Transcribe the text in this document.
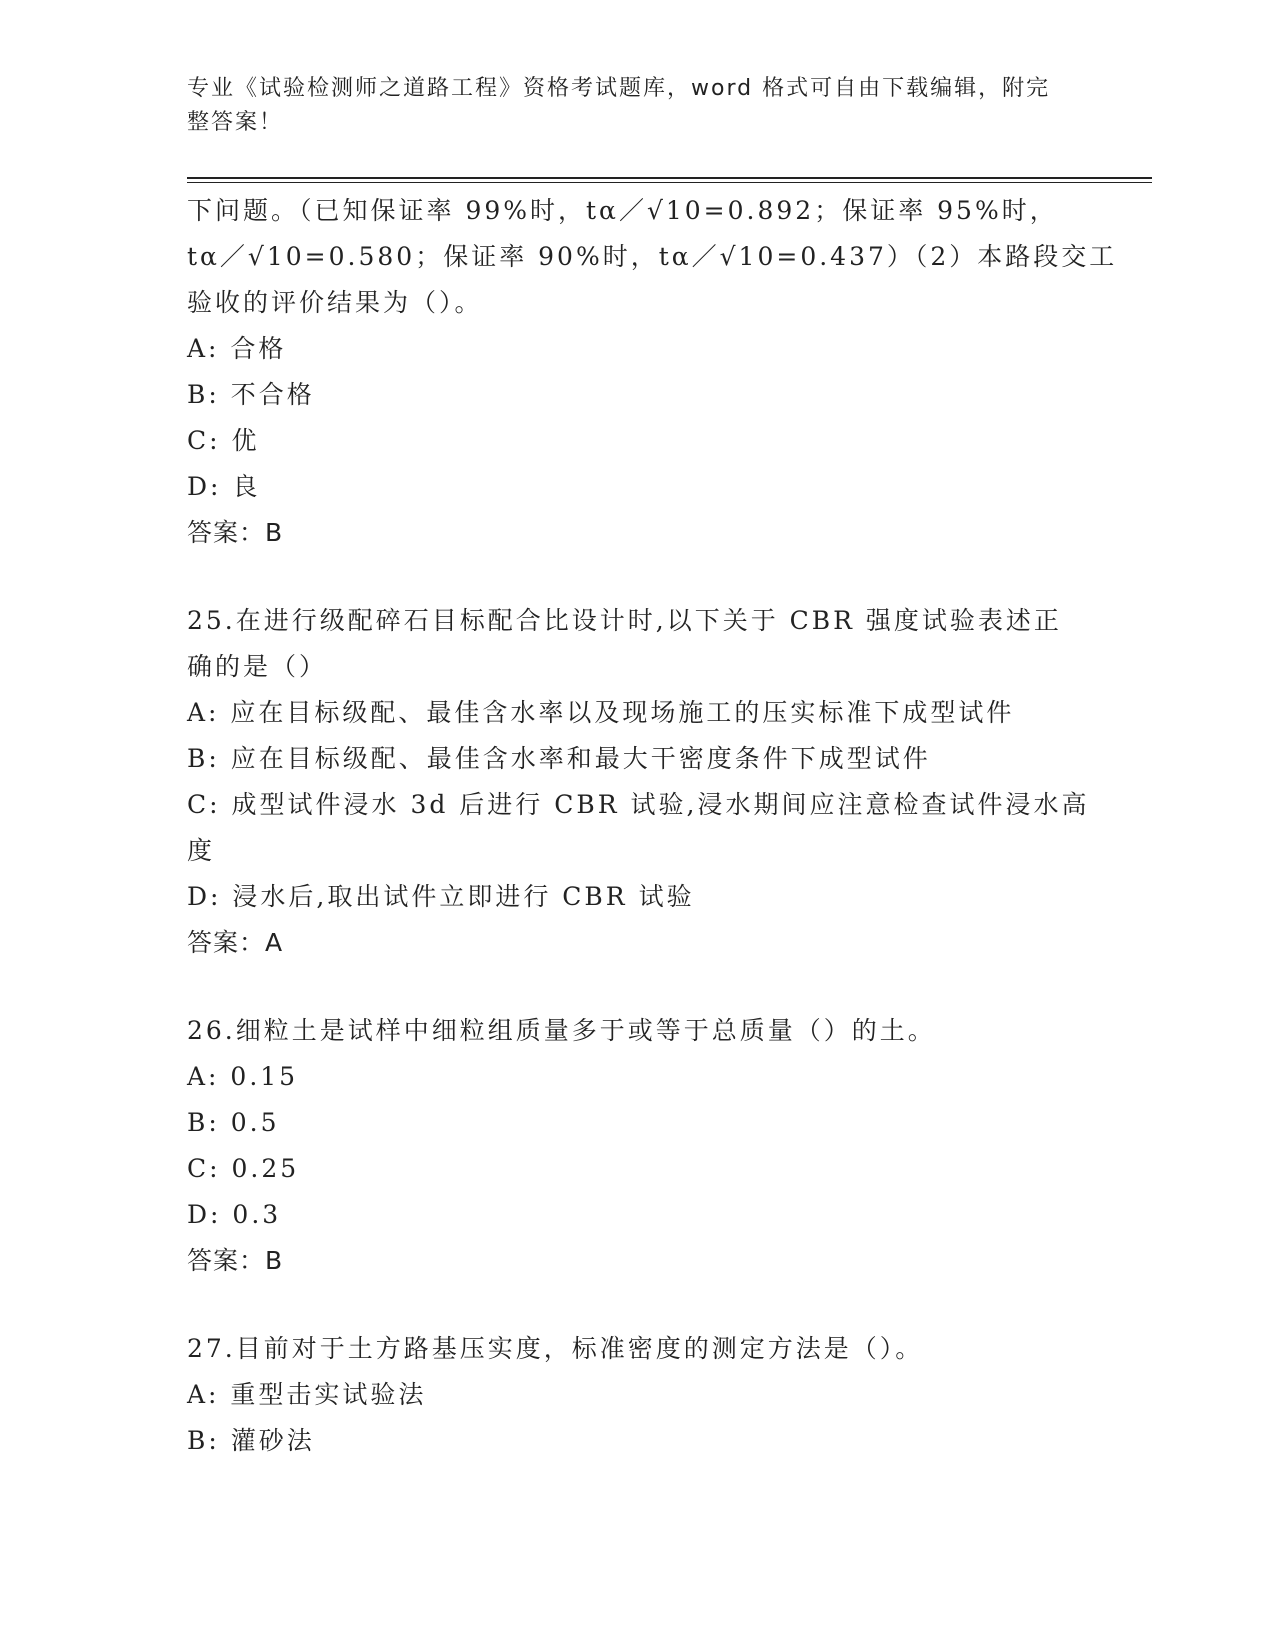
专业《试验检测师之道路工程》资格考试题库，word 格式可自由下载编辑，附完
整答案！
下问题。（已知保证率 99%时，tα／√10=0.892；保证率 95%时，
tα／√10=0.580；保证率 90%时，tα／√10=0.437）（2）本路段交工
验收的评价结果为（）。
A: 合格
B: 不合格
C: 优
D: 良
答案：B
25.在进行级配碎石目标配合比设计时,以下关于 CBR 强度试验表述正
确的是（）
A: 应在目标级配、最佳含水率以及现场施工的压实标准下成型试件
B: 应在目标级配、最佳含水率和最大干密度条件下成型试件
C: 成型试件浸水 3d 后进行 CBR 试验,浸水期间应注意检查试件浸水高
度
D: 浸水后,取出试件立即进行 CBR 试验
答案：A
26.细粒土是试样中细粒组质量多于或等于总质量（）的土。
A: 0.15
B: 0.5
C: 0.25
D: 0.3
答案：B
27.目前对于土方路基压实度，标准密度的测定方法是（）。
A: 重型击实试验法
B: 灌砂法
